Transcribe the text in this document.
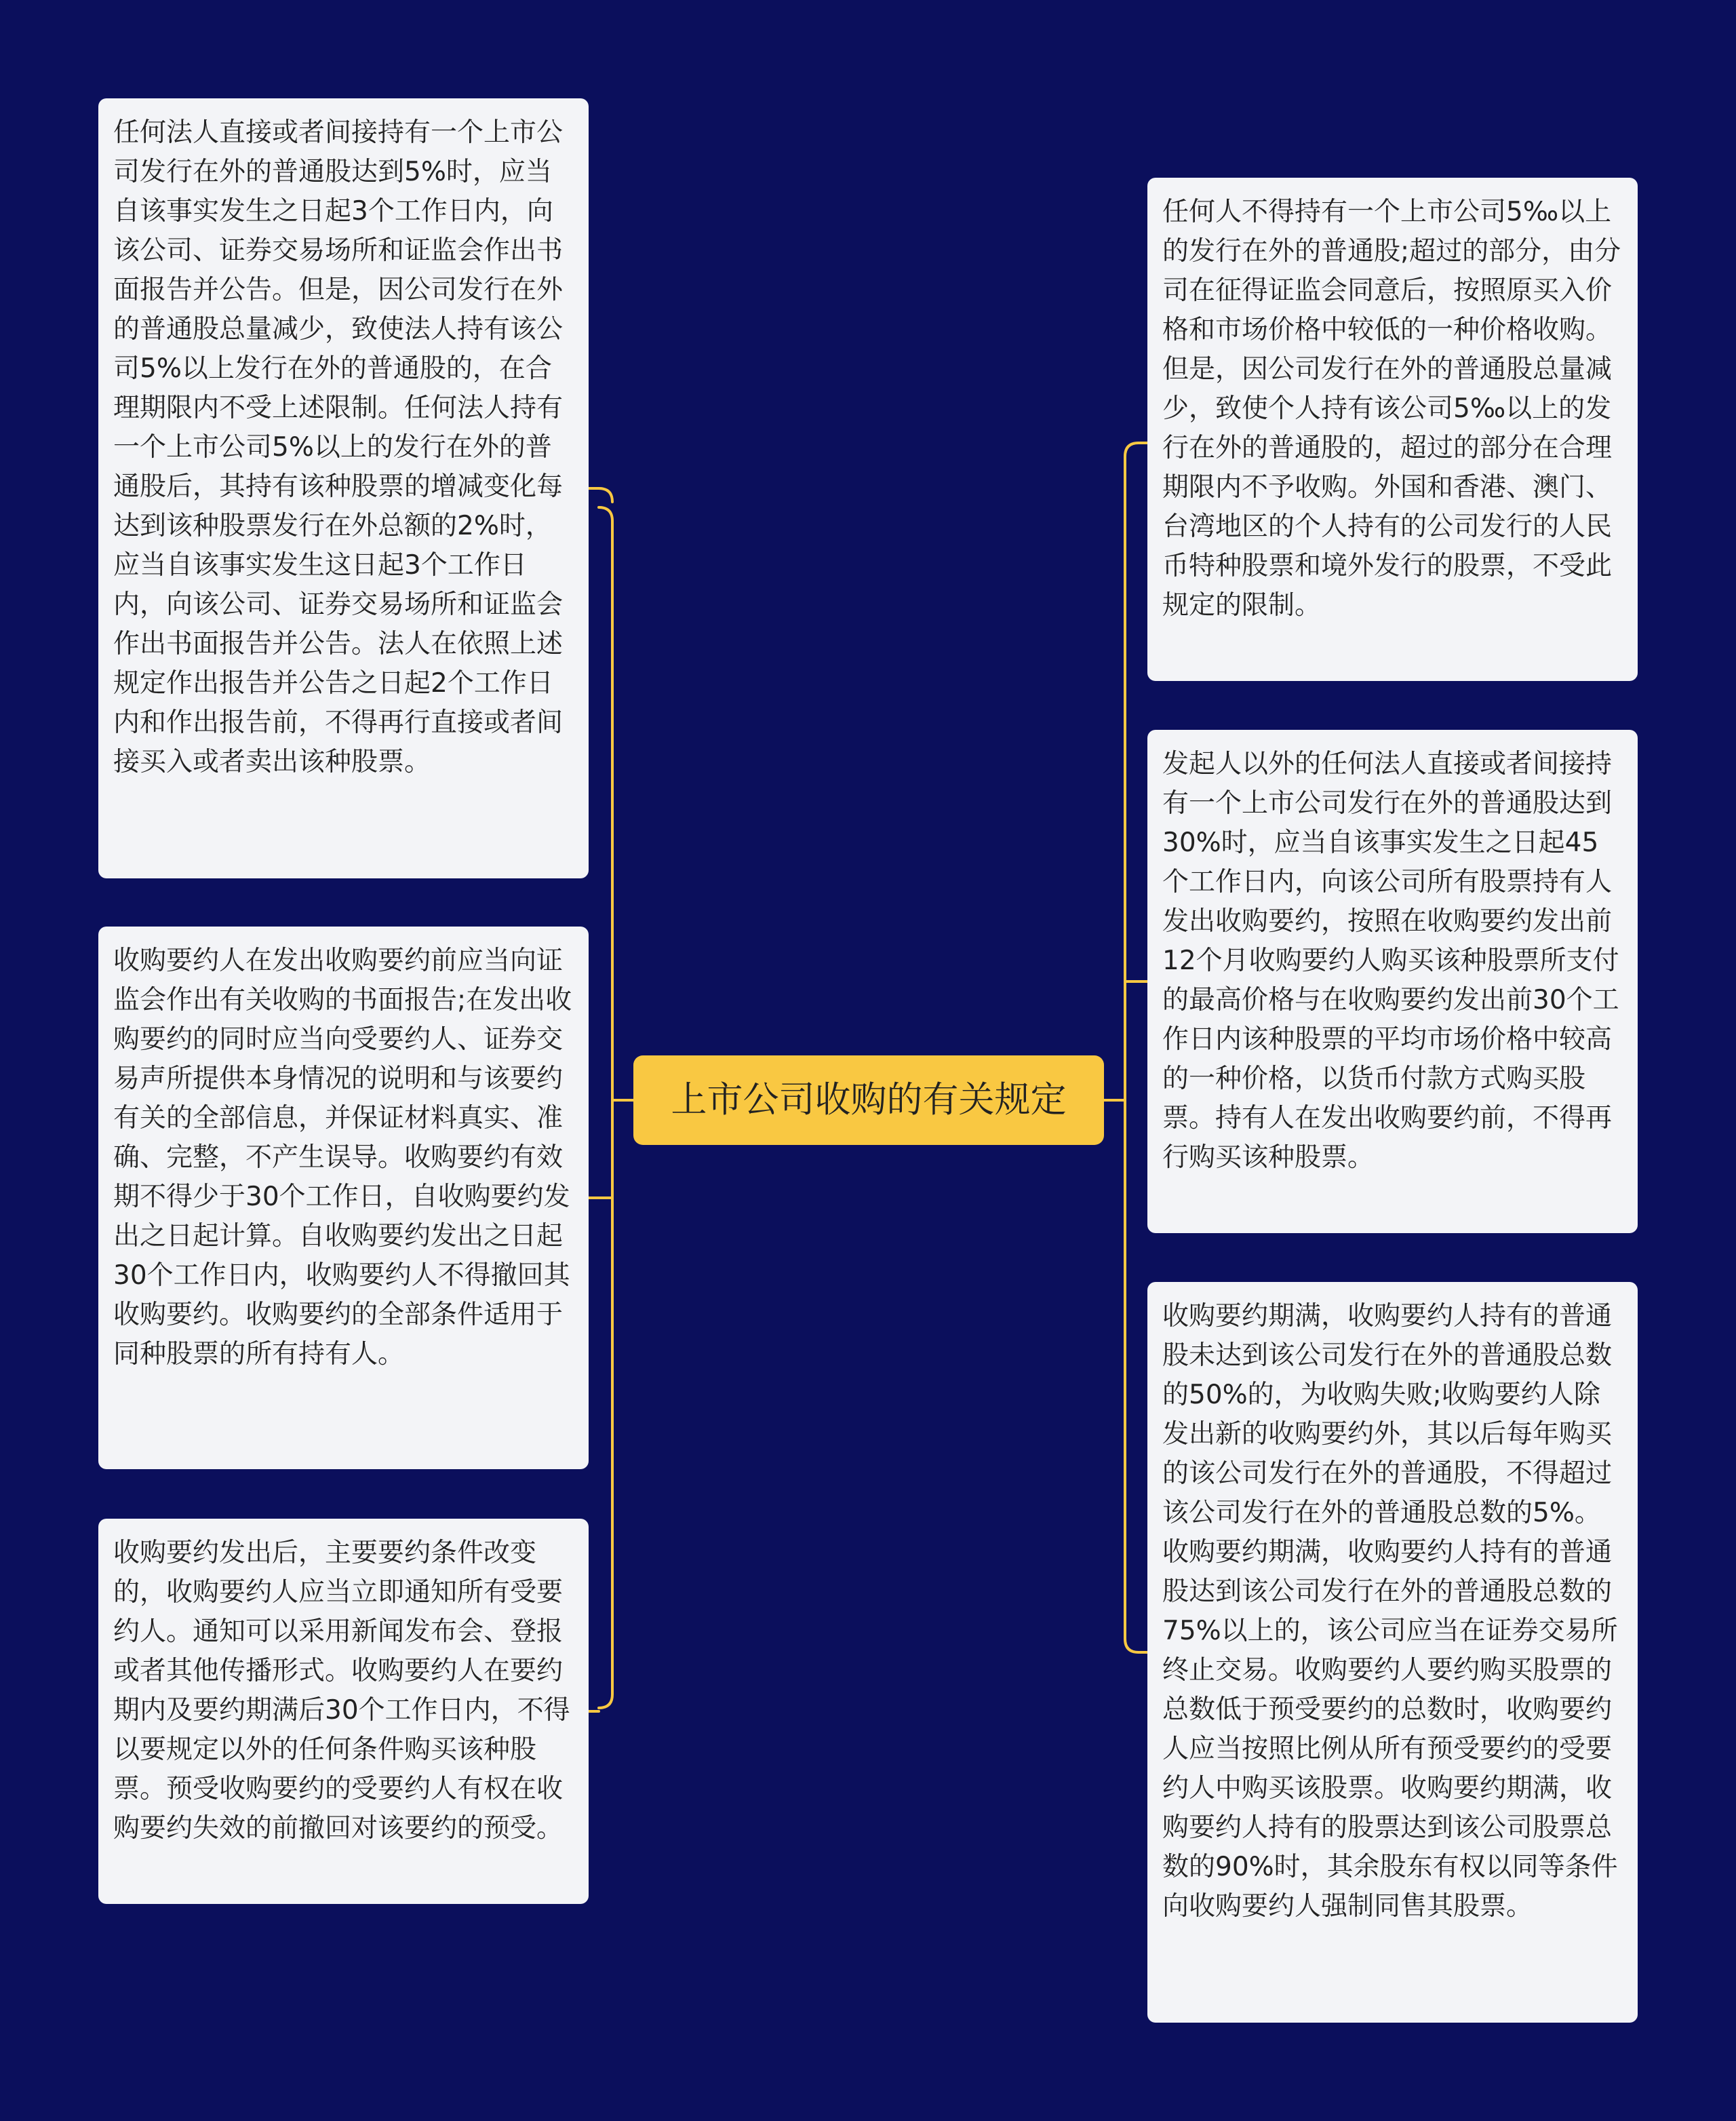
任何法人直接或者间接持有一个上市公司发行在外的普通股达到5%时，应当自该事实发生之日起3个工作日内，向该公司、证券交易场所和证监会作出书面报告并公告。但是，因公司发行在外的普通股总量减少，致使法人持有该公司5%以上发行在外的普通股的，在合理期限内不受上述限制。任何法人持有一个上市公司5%以上的发行在外的普通股后，其持有该种股票的增减变化每达到该种股票发行在外总额的2%时，应当自该事实发生这日起3个工作日内，向该公司、证券交易场所和证监会作出书面报告并公告。法人在依照上述规定作出报告并公告之日起2个工作日内和作出报告前，不得再行直接或者间接买入或者卖出该种股票。
收购要约人在发出收购要约前应当向证监会作出有关收购的书面报告;在发出收购要约的同时应当向受要约人、证券交易声所提供本身情况的说明和与该要约有关的全部信息，并保证材料真实、准确、完整，不产生误导。收购要约有效期不得少于30个工作日，自收购要约发出之日起计算。自收购要约发出之日起30个工作日内，收购要约人不得撤回其收购要约。收购要约的全部条件适用于同种股票的所有持有人。
收购要约发出后，主要要约条件改变的，收购要约人应当立即通知所有受要约人。通知可以采用新闻发布会、登报或者其他传播形式。收购要约人在要约期内及要约期满后30个工作日内，不得以要规定以外的任何条件购买该种股票。预受收购要约的受要约人有权在收购要约失效的前撤回对该要约的预受。
上市公司收购的有关规定
任何人不得持有一个上市公司5‰以上的发行在外的普通股;超过的部分，由分司在征得证监会同意后，按照原买入价格和市场价格中较低的一种价格收购。但是，因公司发行在外的普通股总量减少，致使个人持有该公司5‰以上的发行在外的普通股的，超过的部分在合理期限内不予收购。外国和香港、澳门、台湾地区的个人持有的公司发行的人民币特种股票和境外发行的股票，不受此规定的限制。
发起人以外的任何法人直接或者间接持有一个上市公司发行在外的普通股达到30%时，应当自该事实发生之日起45个工作日内，向该公司所有股票持有人发出收购要约，按照在收购要约发出前12个月收购要约人购买该种股票所支付的最高价格与在收购要约发出前30个工作日内该种股票的平均市场价格中较高的一种价格，以货币付款方式购买股票。持有人在发出收购要约前，不得再行购买该种股票。
收购要约期满，收购要约人持有的普通股未达到该公司发行在外的普通股总数的50%的，为收购失败;收购要约人除发出新的收购要约外，其以后每年购买的该公司发行在外的普通股，不得超过该公司发行在外的普通股总数的5%。收购要约期满，收购要约人持有的普通股达到该公司发行在外的普通股总数的75%以上的，该公司应当在证券交易所终止交易。收购要约人要约购买股票的总数低于预受要约的总数时，收购要约人应当按照比例从所有预受要约的受要约人中购买该股票。收购要约期满，收购要约人持有的股票达到该公司股票总数的90%时，其余股东有权以同等条件向收购要约人强制同售其股票。
